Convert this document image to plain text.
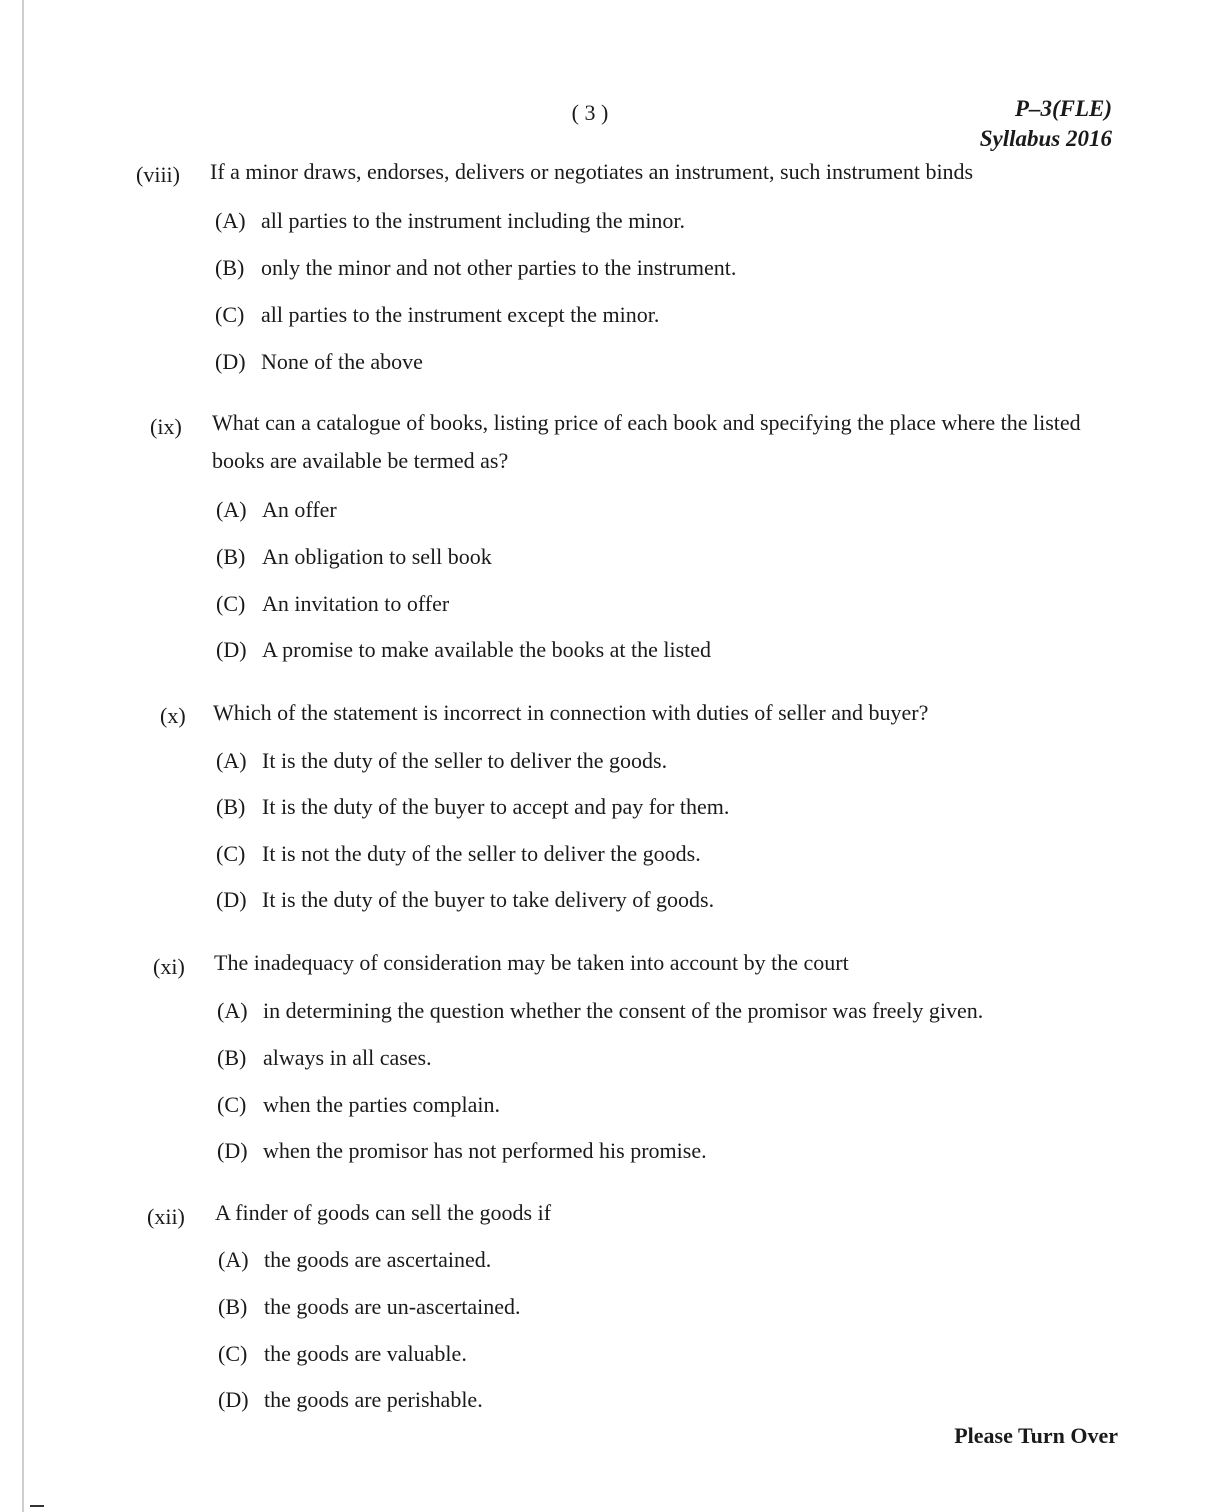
( 3 )	P–3(FLE)
Syllabus 2016
(viii) If a minor draws, endorses, delivers or negotiates an instrument, such instrument binds
(A) all parties to the instrument including the minor.
(B) only the minor and not other parties to the instrument.
(C) all parties to the instrument except the minor.
(D) None of the above
(ix) What can a catalogue of books, listing price of each book and specifying the place where the listed books are available be termed as?
(A) An offer
(B) An obligation to sell book
(C) An invitation to offer
(D) A promise to make available the books at the listed
(x) Which of the statement is incorrect in connection with duties of seller and buyer?
(A) It is the duty of the seller to deliver the goods.
(B) It is the duty of the buyer to accept and pay for them.
(C) It is not the duty of the seller to deliver the goods.
(D) It is the duty of the buyer to take delivery of goods.
(xi) The inadequacy of consideration may be taken into account by the court
(A) in determining the question whether the consent of the promisor was freely given.
(B) always in all cases.
(C) when the parties complain.
(D) when the promisor has not performed his promise.
(xii) A finder of goods can sell the goods if
(A) the goods are ascertained.
(B) the goods are un-ascertained.
(C) the goods are valuable.
(D) the goods are perishable.
Please Turn Over
